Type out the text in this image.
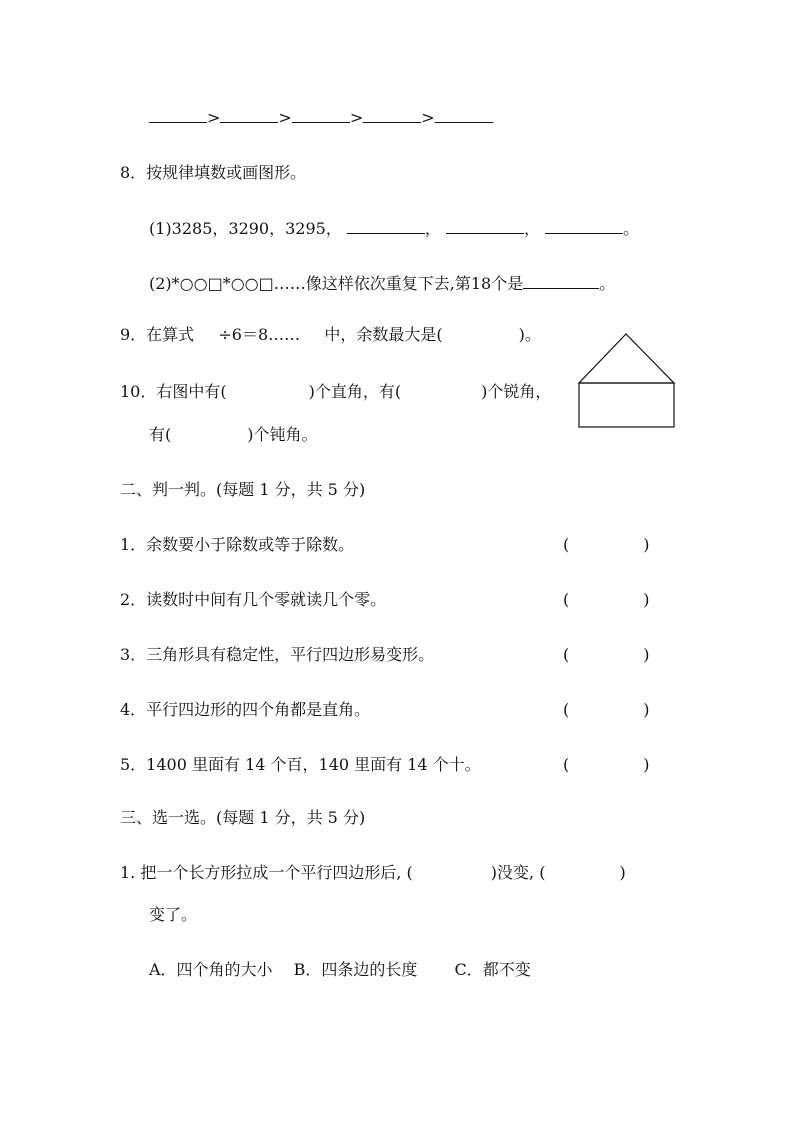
>	>	>	>
8．按规律填数或画图形。
(1)3285，3290，3295，	，	，	。
(2)*○○□*○○□……像这样依次重复下去,第18个是	。
9．在算式 ÷6＝8…… 中，余数最大是(	)。
10．右图中有(	)个直角，有(	)个锐角，
有(	)个钝角。
二、判一判。(每题 1 分，共 5 分)
1．余数要小于除数或等于除数。	(	)
2．读数时中间有几个零就读几个零。	(	)
3．三角形具有稳定性，平行四边形易变形。	(	)
4．平行四边形的四个角都是直角。	(	)
5．1400 里面有 14 个百，140 里面有 14 个十。	(	)
三、选一选。(每题 1 分，共 5 分)
1. 把一个长方形拉成一个平行四边形后, (	)没变, (	)
变了。
A．四个角的大小 B．四条边的长度 C．都不变
